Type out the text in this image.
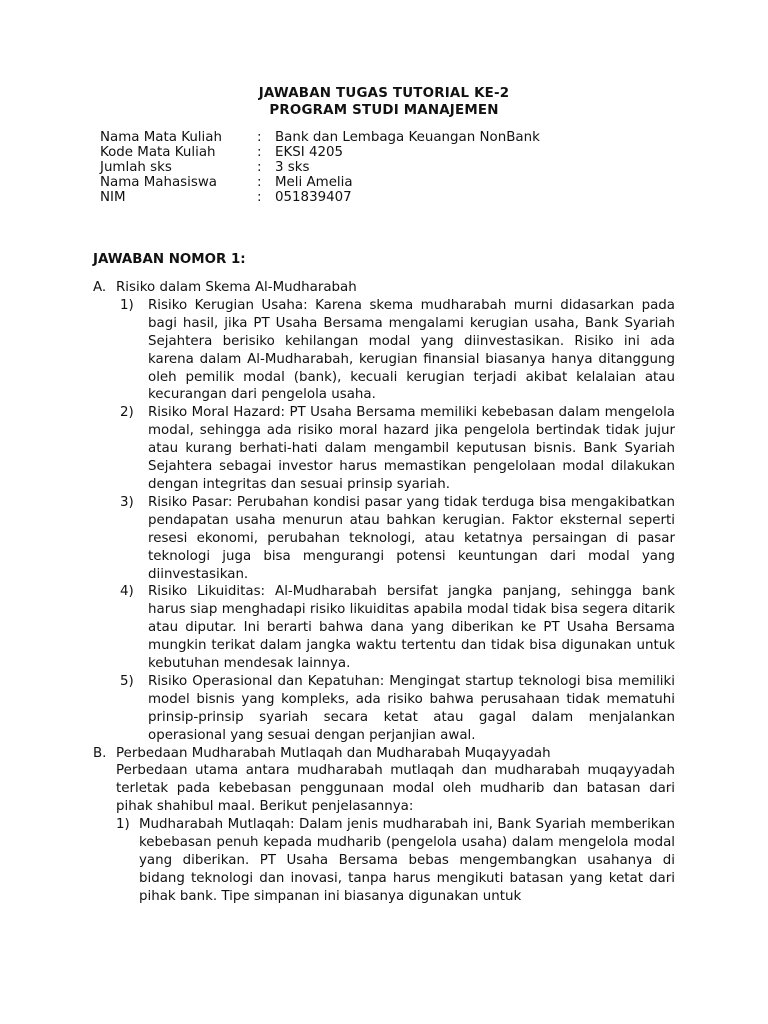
JAWABAN TUGAS TUTORIAL KE-2
PROGRAM STUDI MANAJEMEN
Nama Mata Kuliah	:	Bank dan Lembaga Keuangan NonBank
Kode Mata Kuliah	:	EKSI 4205
Jumlah sks	:	3 sks
Nama Mahasiswa	:	Meli Amelia
NIM	:	051839407
JAWABAN NOMOR 1:
A. Risiko dalam Skema Al-Mudharabah
1)	Risiko Kerugian Usaha: Karena skema mudharabah murni didasarkan pada bagi hasil, jika PT Usaha Bersama mengalami kerugian usaha, Bank Syariah Sejahtera berisiko kehilangan modal yang diinvestasikan. Risiko ini ada karena dalam Al-Mudharabah, kerugian finansial biasanya hanya ditanggung oleh pemilik modal (bank), kecuali kerugian terjadi akibat kelalaian atau kecurangan dari pengelola usaha.
2)	Risiko Moral Hazard: PT Usaha Bersama memiliki kebebasan dalam mengelola modal, sehingga ada risiko moral hazard jika pengelola bertindak tidak jujur atau kurang berhati-hati dalam mengambil keputusan bisnis. Bank Syariah Sejahtera sebagai investor harus memastikan pengelolaan modal dilakukan dengan integritas dan sesuai prinsip syariah.
3)	Risiko Pasar: Perubahan kondisi pasar yang tidak terduga bisa mengakibatkan pendapatan usaha menurun atau bahkan kerugian. Faktor eksternal seperti resesi ekonomi, perubahan teknologi, atau ketatnya persaingan di pasar teknologi juga bisa mengurangi potensi keuntungan dari modal yang diinvestasikan.
4)	Risiko Likuiditas: Al-Mudharabah bersifat jangka panjang, sehingga bank harus siap menghadapi risiko likuiditas apabila modal tidak bisa segera ditarik atau diputar. Ini berarti bahwa dana yang diberikan ke PT Usaha Bersama mungkin terikat dalam jangka waktu tertentu dan tidak bisa digunakan untuk kebutuhan mendesak lainnya.
5)	Risiko Operasional dan Kepatuhan: Mengingat startup teknologi bisa memiliki model bisnis yang kompleks, ada risiko bahwa perusahaan tidak mematuhi prinsip-prinsip syariah secara ketat atau gagal dalam menjalankan operasional yang sesuai dengan perjanjian awal.
B. Perbedaan Mudharabah Mutlaqah dan Mudharabah Muqayyadah
Perbedaan utama antara mudharabah mutlaqah dan mudharabah muqayyadah terletak pada kebebasan penggunaan modal oleh mudharib dan batasan dari pihak shahibul maal. Berikut penjelasannya:
1) Mudharabah Mutlaqah: Dalam jenis mudharabah ini, Bank Syariah memberikan kebebasan penuh kepada mudharib (pengelola usaha) dalam mengelola modal yang diberikan. PT Usaha Bersama bebas mengembangkan usahanya di bidang teknologi dan inovasi, tanpa harus mengikuti batasan yang ketat dari pihak bank. Tipe simpanan ini biasanya digunakan untuk
